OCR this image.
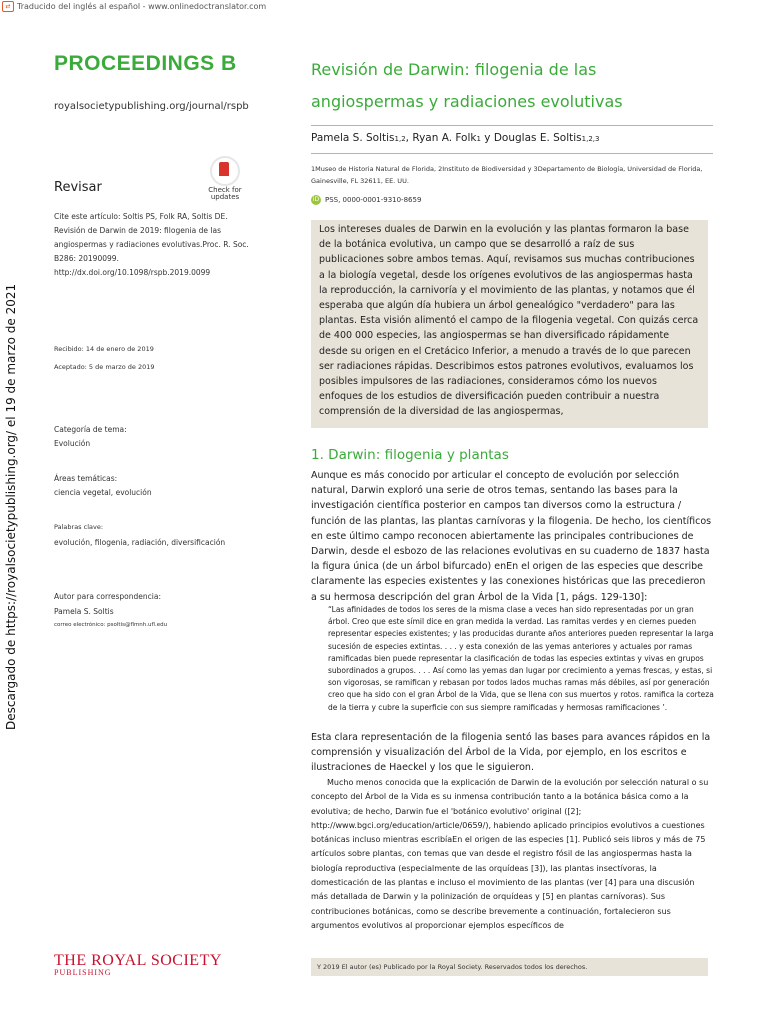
⇄ Traducido del inglés al español - www.onlinedoctranslator.com
PROCEEDINGS B
royalsocietypublishing.org/journal/rspb
Check for
updates
Revisar
Cite este artículo: Soltis PS, Folk RA, Soltis DE.
Revisión de Darwin de 2019: filogenia de las
angiospermas y radiaciones evolutivas.Proc. R. Soc.
B286: 20190099.
http://dx.doi.org/10.1098/rspb.2019.0099
Recibido: 14 de enero de 2019
Aceptado: 5 de marzo de 2019
Categoría de tema:
Evolución
Áreas temáticas:
ciencia vegetal, evolución
Palabras clave:
evolución, filogenia, radiación, diversificación
Autor para correspondencia:
Pamela S. Soltis
correo electrónico: psoltis@flmnh.ufl.edu
Descargado de https://royalsocietypublishing.org/ el 19 de marzo de 2021
Revisión de Darwin: filogenia de las
angiospermas y radiaciones evolutivas
Pamela S. Soltis1,2, Ryan A. Folk1 y Douglas E. Soltis1,2,3
1Museo de Historia Natural de Florida, 2Instituto de Biodiversidad y 3Departamento de Biología, Universidad de Florida,
Gainesville, FL 32611, EE. UU.
iD PSS, 0000-0001-9310-8659
Los intereses duales de Darwin en la evolución y las plantas formaron la base de la botánica evolutiva, un campo que se desarrolló a raíz de sus publicaciones sobre ambos temas. Aquí, revisamos sus muchas contribuciones a la biología vegetal, desde los orígenes evolutivos de las angiospermas hasta la reproducción, la carnivoría y el movimiento de las plantas, y notamos que él esperaba que algún día hubiera un árbol genealógico "verdadero" para las plantas. Esta visión alimentó el campo de la filogenia vegetal. Con quizás cerca de 400 000 especies, las angiospermas se han diversificado rápidamente desde su origen en el Cretácico Inferior, a menudo a través de lo que parecen ser radiaciones rápidas. Describimos estos patrones evolutivos, evaluamos los posibles impulsores de las radiaciones, consideramos cómo los nuevos enfoques de los estudios de diversificación pueden contribuir a nuestra comprensión de la diversidad de las angiospermas,
1. Darwin: filogenia y plantas
Aunque es más conocido por articular el concepto de evolución por selección natural, Darwin exploró una serie de otros temas, sentando las bases para la investigación científica posterior en campos tan diversos como la estructura / función de las plantas, las plantas carnívoras y la filogenia. De hecho, los científicos en este último campo reconocen abiertamente las principales contribuciones de Darwin, desde el esbozo de las relaciones evolutivas en su cuaderno de 1837 hasta la figura única (de un árbol bifurcado) enEn el origen de las especies que describe claramente las especies existentes y las conexiones históricas que las precedieron a su hermosa descripción del gran Árbol de la Vida [1, págs. 129-130]:
“Las afinidades de todos los seres de la misma clase a veces han sido representadas por un gran árbol. Creo que este símil dice en gran medida la verdad. Las ramitas verdes y en ciernes pueden representar especies existentes; y las producidas durante años anteriores pueden representar la larga sucesión de especies extintas. . . . y esta conexión de las yemas anteriores y actuales por ramas ramificadas bien puede representar la clasificación de todas las especies extintas y vivas en grupos subordinados a grupos. . . . Así como las yemas dan lugar por crecimiento a yemas frescas, y estas, si son vigorosas, se ramifican y rebasan por todos lados muchas ramas más débiles, así por generación creo que ha sido con el gran Árbol de la Vida, que se llena con sus muertos y rotos. ramifica la corteza de la tierra y cubre la superficie con sus siempre ramificadas y hermosas ramificaciones ’.
Esta clara representación de la filogenia sentó las bases para avances rápidos en la comprensión y visualización del Árbol de la Vida, por ejemplo, en los escritos e ilustraciones de Haeckel y los que le siguieron.
Mucho menos conocida que la explicación de Darwin de la evolución por selección natural o su concepto del Árbol de la Vida es su inmensa contribución tanto a la botánica básica como a la evolutiva; de hecho, Darwin fue el 'botánico evolutivo' original ([2]; http://www.bgci.org/education/article/0659/), habiendo aplicado principios evolutivos a cuestiones botánicas incluso mientras escribíaEn el origen de las especies [1]. Publicó seis libros y más de 75 artículos sobre plantas, con temas que van desde el registro fósil de las angiospermas hasta la biología reproductiva (especialmente de las orquídeas [3]), las plantas insectívoras, la domesticación de las plantas e incluso el movimiento de las plantas (ver [4] para una discusión más detallada de Darwin y la polinización de orquídeas y [5] en plantas carnívoras). Sus contribuciones botánicas, como se describe brevemente a continuación, fortalecieron sus argumentos evolutivos al proporcionar ejemplos específicos de
THE ROYAL SOCIETY
PUBLISHING
Y 2019 El autor (es) Publicado por la Royal Society. Reservados todos los derechos.
